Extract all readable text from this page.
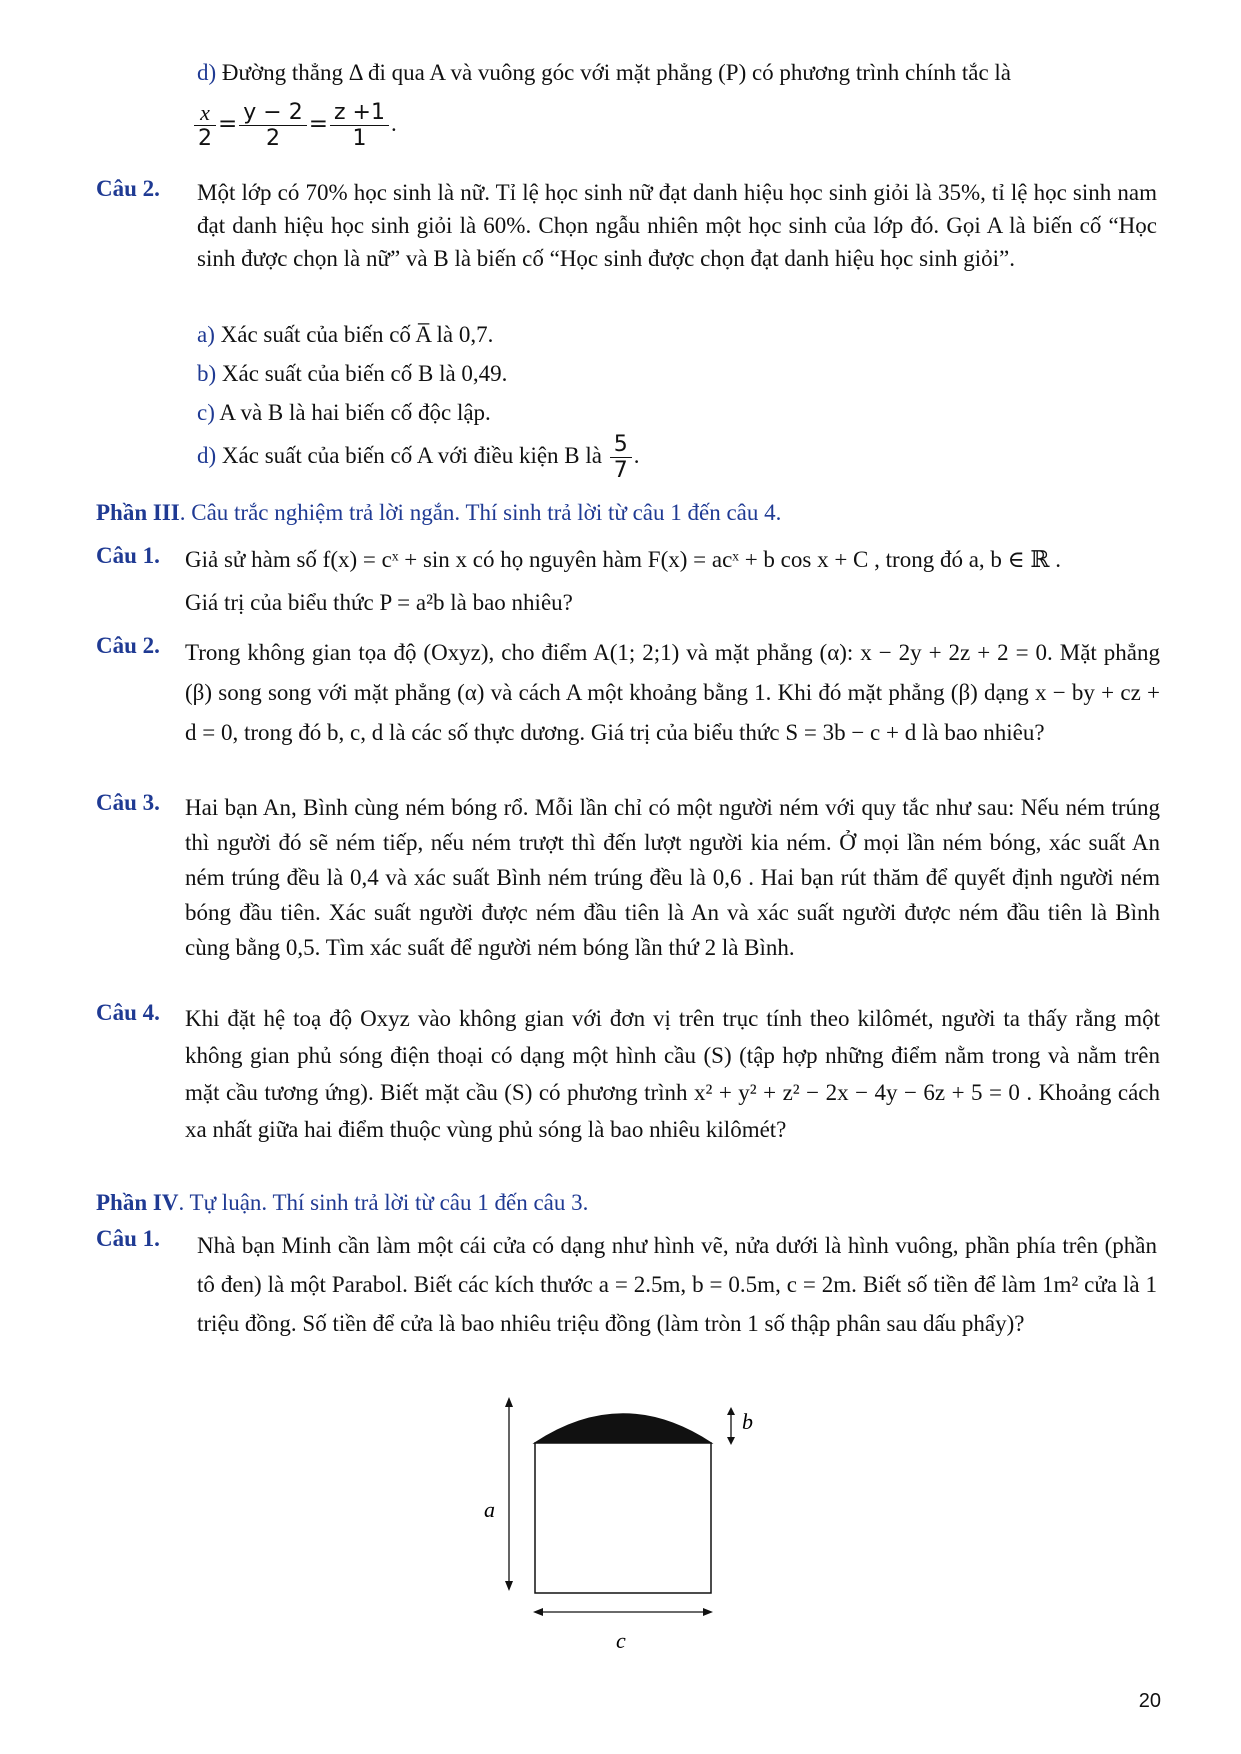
d) Đường thẳng Δ đi qua A và vuông góc với mặt phẳng (P) có phương trình chính tắc là
$\frac{x}{2} = \frac{y - 2}{2} = \frac{z +1}{1}$ .
Câu 2. Một lớp có 70% học sinh là nữ. Tỉ lệ học sinh nữ đạt danh hiệu học sinh giỏi là 35%, tỉ lệ học sinh nam đạt danh hiệu học sinh giỏi là 60%. Chọn ngẫu nhiên một học sinh của lớp đó. Gọi A là biến cố “Học sinh được chọn là nữ” và B là biến cố “Học sinh được chọn đạt danh hiệu học sinh giỏi”.
a) Xác suất của biến cố A̅ là 0,7.
b) Xác suất của biến cố B là 0,49.
c) A và B là hai biến cố độc lập.
d) Xác suất của biến cố A với điều kiện B là $\frac{5}{7}$ .
Phần III. Câu trắc nghiệm trả lời ngắn. Thí sinh trả lời từ câu 1 đến câu 4.
Câu 1. Giả sử hàm số f(x) = cˣ + sin x có họ nguyên hàm F(x) = acˣ + b cos x + C , trong đó a, b ∈ ℝ .
Giá trị của biểu thức P = a²b là bao nhiêu?
Câu 2. Trong không gian tọa độ (Oxyz), cho điểm A(1; 2;1) và mặt phẳng (α): x − 2y + 2z + 2 = 0. Mặt phẳng (β) song song với mặt phẳng (α) và cách A một khoảng bằng 1. Khi đó mặt phẳng (β) dạng x − by + cz + d = 0, trong đó b, c, d là các số thực dương. Giá trị của biểu thức S = 3b − c + d là bao nhiêu?
Câu 3. Hai bạn An, Bình cùng ném bóng rổ. Mỗi lần chỉ có một người ném với quy tắc như sau: Nếu ném trúng thì người đó sẽ ném tiếp, nếu ném trượt thì đến lượt người kia ném. Ở mọi lần ném bóng, xác suất An ném trúng đều là 0,4 và xác suất Bình ném trúng đều là 0,6 . Hai bạn rút thăm để quyết định người ném bóng đầu tiên. Xác suất người được ném đầu tiên là An và xác suất người được ném đầu tiên là Bình cùng bằng 0,5. Tìm xác suất để người ném bóng lần thứ 2 là Bình.
Câu 4. Khi đặt hệ toạ độ Oxyz vào không gian với đơn vị trên trục tính theo kilômét, người ta thấy rằng một không gian phủ sóng điện thoại có dạng một hình cầu (S) (tập hợp những điểm nằm trong và nằm trên mặt cầu tương ứng). Biết mặt cầu (S) có phương trình x² + y² + z² − 2x − 4y − 6z + 5 = 0 . Khoảng cách xa nhất giữa hai điểm thuộc vùng phủ sóng là bao nhiêu kilômét?
Phần IV. Tự luận. Thí sinh trả lời từ câu 1 đến câu 3.
Câu 1. Nhà bạn Minh cần làm một cái cửa có dạng như hình vẽ, nửa dưới là hình vuông, phần phía trên (phần tô đen) là một Parabol. Biết các kích thước a = 2.5m, b = 0.5m, c = 2m. Biết số tiền để làm 1m² cửa là 1 triệu đồng. Số tiền để cửa là bao nhiêu triệu đồng (làm tròn 1 số thập phân sau dấu phẩy)?
a
b
c
20
